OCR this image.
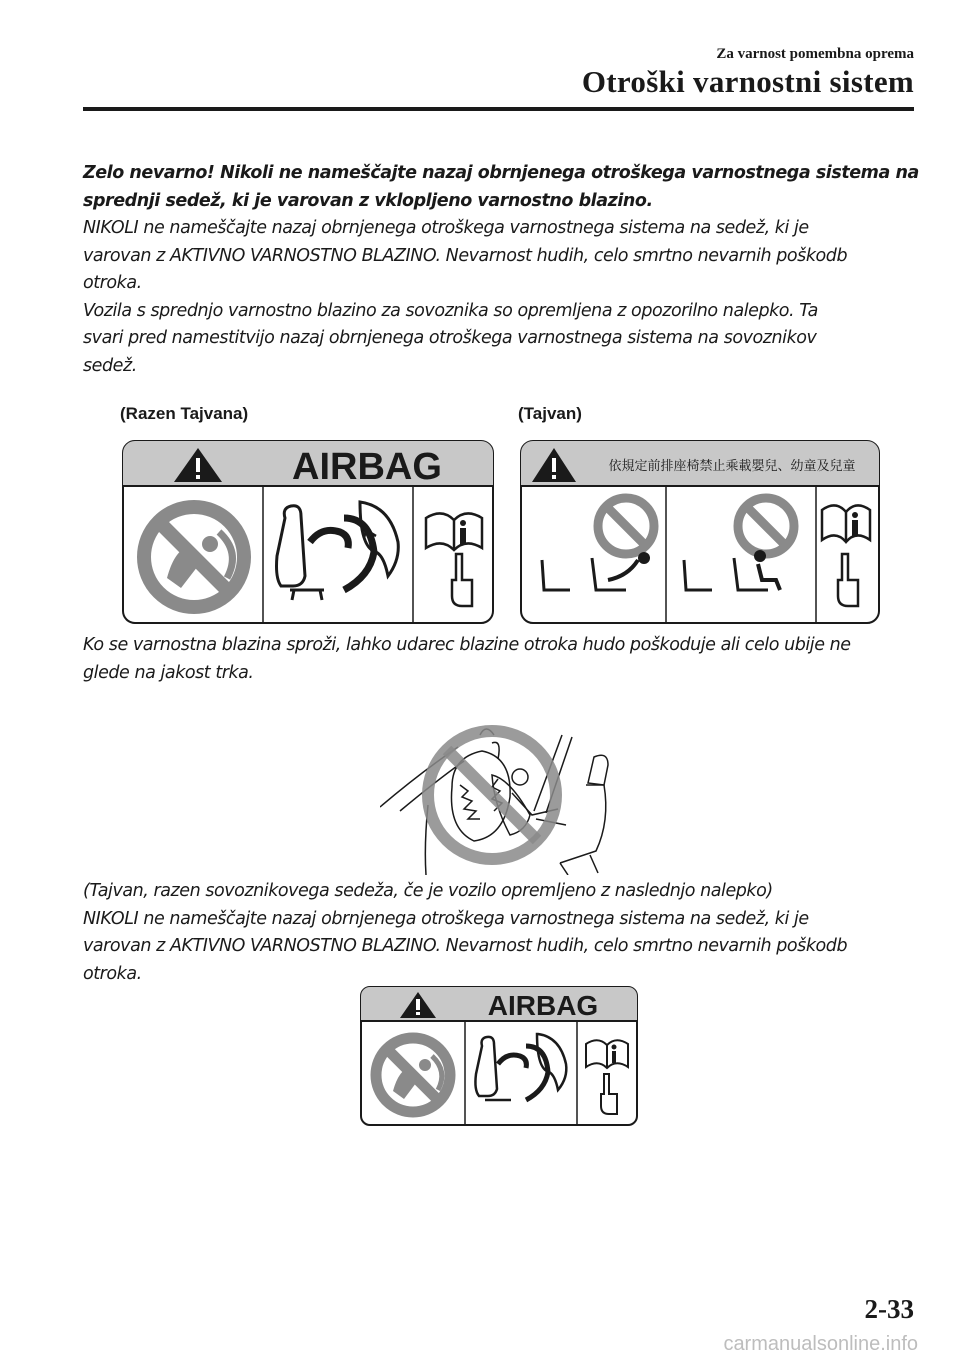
Za varnost pomembna oprema
Otroški varnostni sistem
Zelo nevarno! Nikoli ne nameščajte nazaj obrnjenega otroškega varnostnega sistema na
sprednji sedež, ki je varovan z vklopljeno varnostno blazino.
NIKOLI ne nameščajte nazaj obrnjenega otroškega varnostnega sistema na sedež, ki je
varovan z AKTIVNO VARNOSTNO BLAZINO. Nevarnost hudih, celo smrtno nevarnih poškodb
otroka.
Vozila s sprednjo varnostno blazino za sovoznika so opremljena z opozorilno nalepko. Ta
svari pred namestitvijo nazaj obrnjenega otroškega varnostnega sistema na sovoznikov
sedež.
(Razen Tajvana)	(Tajvan)
AIRBAG	依規定前排座椅禁止乘載嬰兒、幼童及兒童
Ko se varnostna blazina sproži, lahko udarec blazine otroka hudo poškoduje ali celo ubije ne
glede na jakost trka.
(Tajvan, razen sovoznikovega sedeža, če je vozilo opremljeno z naslednjo nalepko)
NIKOLI ne nameščajte nazaj obrnjenega otroškega varnostnega sistema na sedež, ki je
varovan z AKTIVNO VARNOSTNO BLAZINO. Nevarnost hudih, celo smrtno nevarnih poškodb
otroka.
AIRBAG
2-33
carmanualsonline.info
